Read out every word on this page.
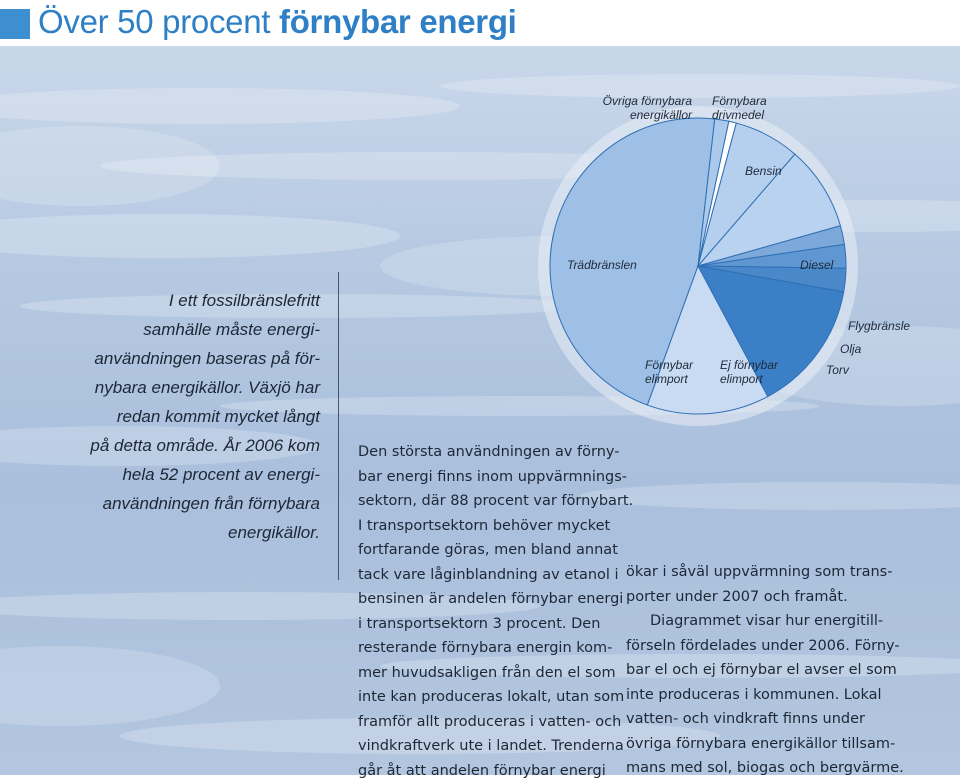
Över 50 procent förnybar energi
Övriga förnybara
energikällor
Förnybara
drivmedel
Bensin
Trädbränslen	Diesel
Flygbränsle
Olja
Torv
Förnybar
elimport
Ej förnybar
elimport
I ett fossilbränslefritt
samhälle måste energi-
användningen baseras på för-
nybara energikällor. Växjö har
redan kommit mycket långt
på detta område. År 2006 kom
hela 52 procent av energi-
användningen från förnybara
energikällor.

Den största användningen av förny-

bar energi finns inom uppvärmnings-

sektorn, där 88 procent var förnybart.

I transportsektorn behöver mycket

fortfarande göras, men bland annat

tack vare låginblandning av etanol i

bensinen är andelen förnybar energi

i transportsektorn 3 procent. Den

resterande förnybara energin kom-

mer huvudsakligen från den el som

inte kan produceras lokalt, utan som

framför allt produceras i vatten- och

vindkraftverk ute i landet. Trenderna

går åt att andelen förnybar energi

ökar i såväl uppvärmning som trans-

porter under 2007 och framåt.

Diagrammet visar hur energitill-

förseln fördelades under 2006. Förny-

bar el och ej förnybar el avser el som

inte produceras i kommunen. Lokal

vatten- och vindkraft finns under

övriga förnybara energikällor tillsam-

mans med sol, biogas och bergvärme.
